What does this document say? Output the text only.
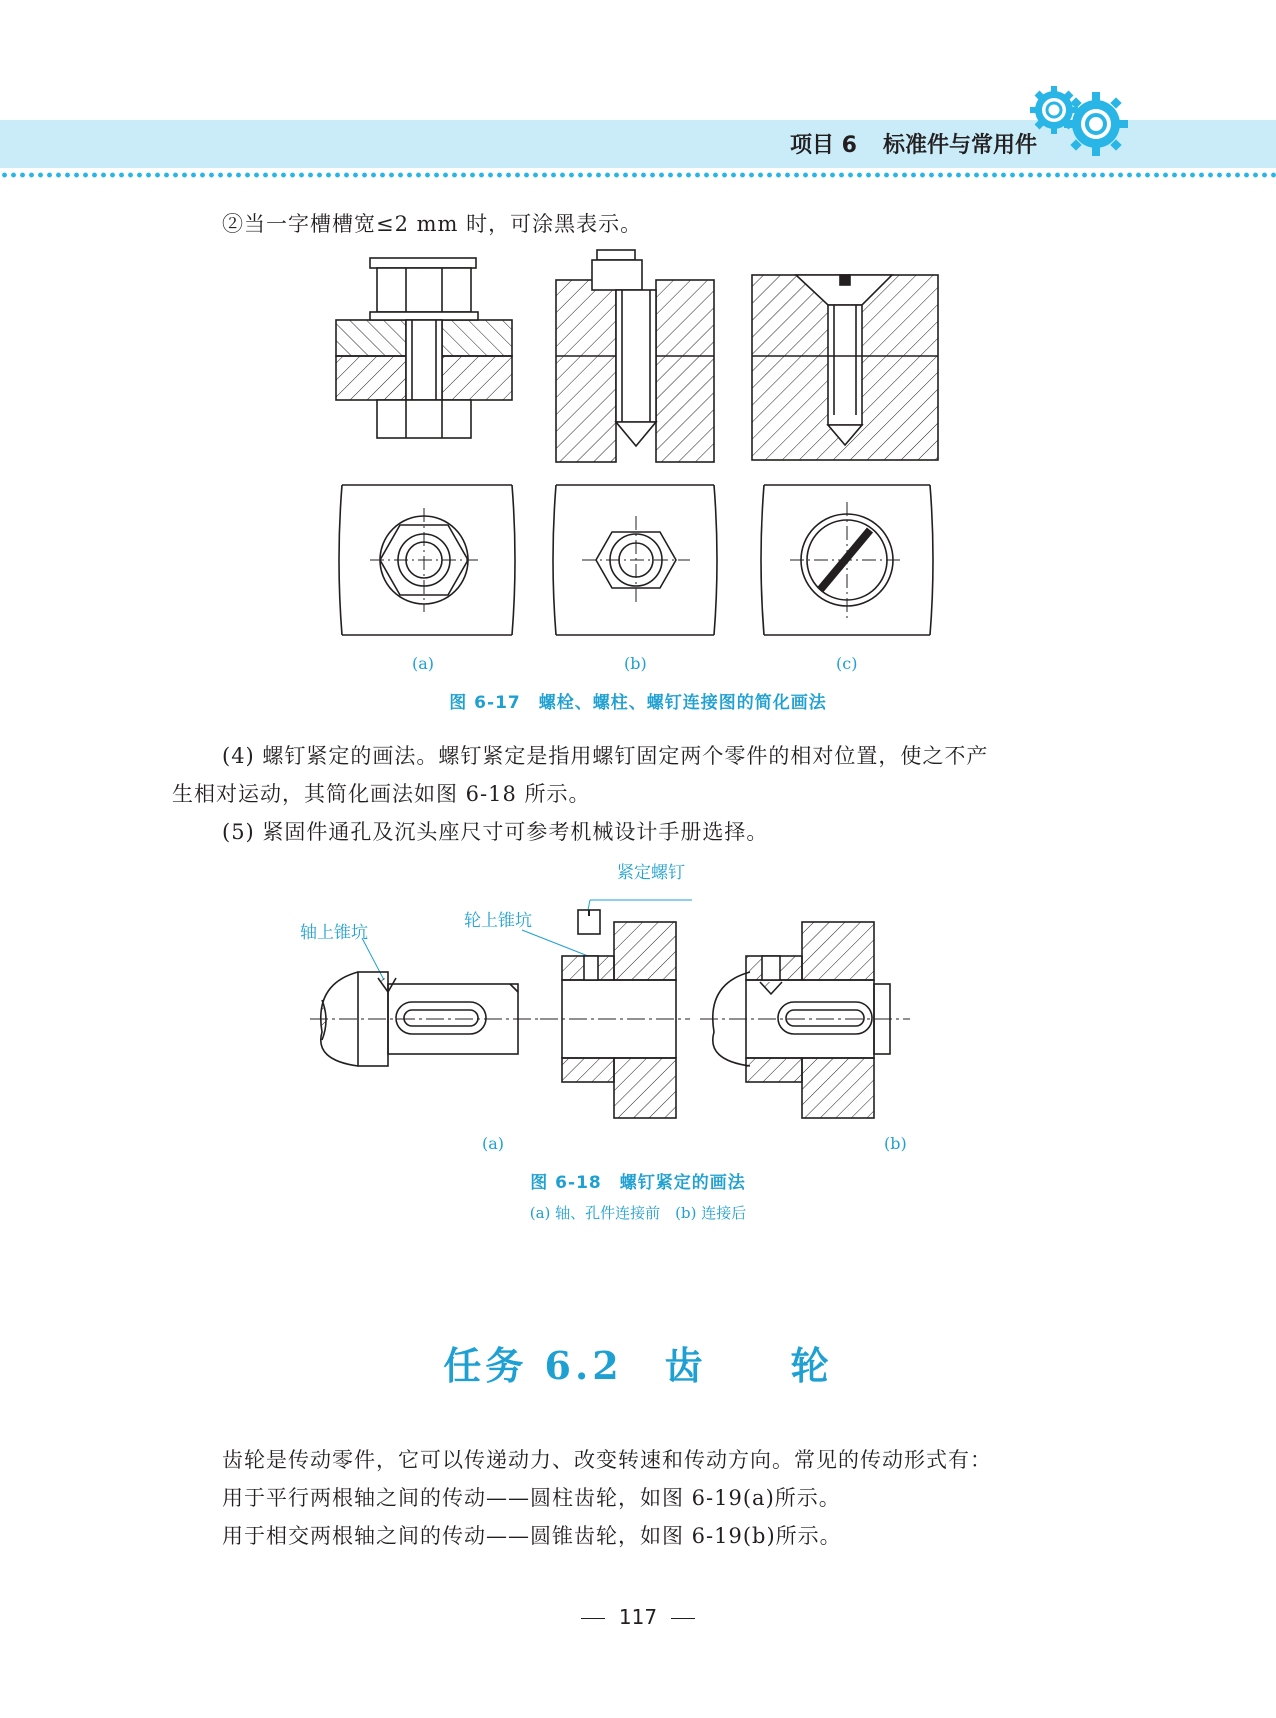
项目 6 标准件与常用件
②当一字槽槽宽≤2 mm 时，可涂黑表示。
(a)	(b)	(c)
图 6-17　螺栓、螺柱、螺钉连接图的简化画法
(4) 螺钉紧定的画法。螺钉紧定是指用螺钉固定两个零件的相对位置，使之不产
生相对运动，其简化画法如图 6-18 所示。
(5) 紧固件通孔及沉头座尺寸可参考机械设计手册选择。
紧定螺钉
轴上锥坑
轮上锥坑
(a)	(b)
图 6-18　螺钉紧定的画法
(a) 轴、孔件连接前　(b) 连接后
任务 6.2　齿　　轮
齿轮是传动零件，它可以传递动力、改变转速和传动方向。常见的传动形式有：
用于平行两根轴之间的传动——圆柱齿轮，如图 6-19(a)所示。
用于相交两根轴之间的传动——圆锥齿轮，如图 6-19(b)所示。
117
